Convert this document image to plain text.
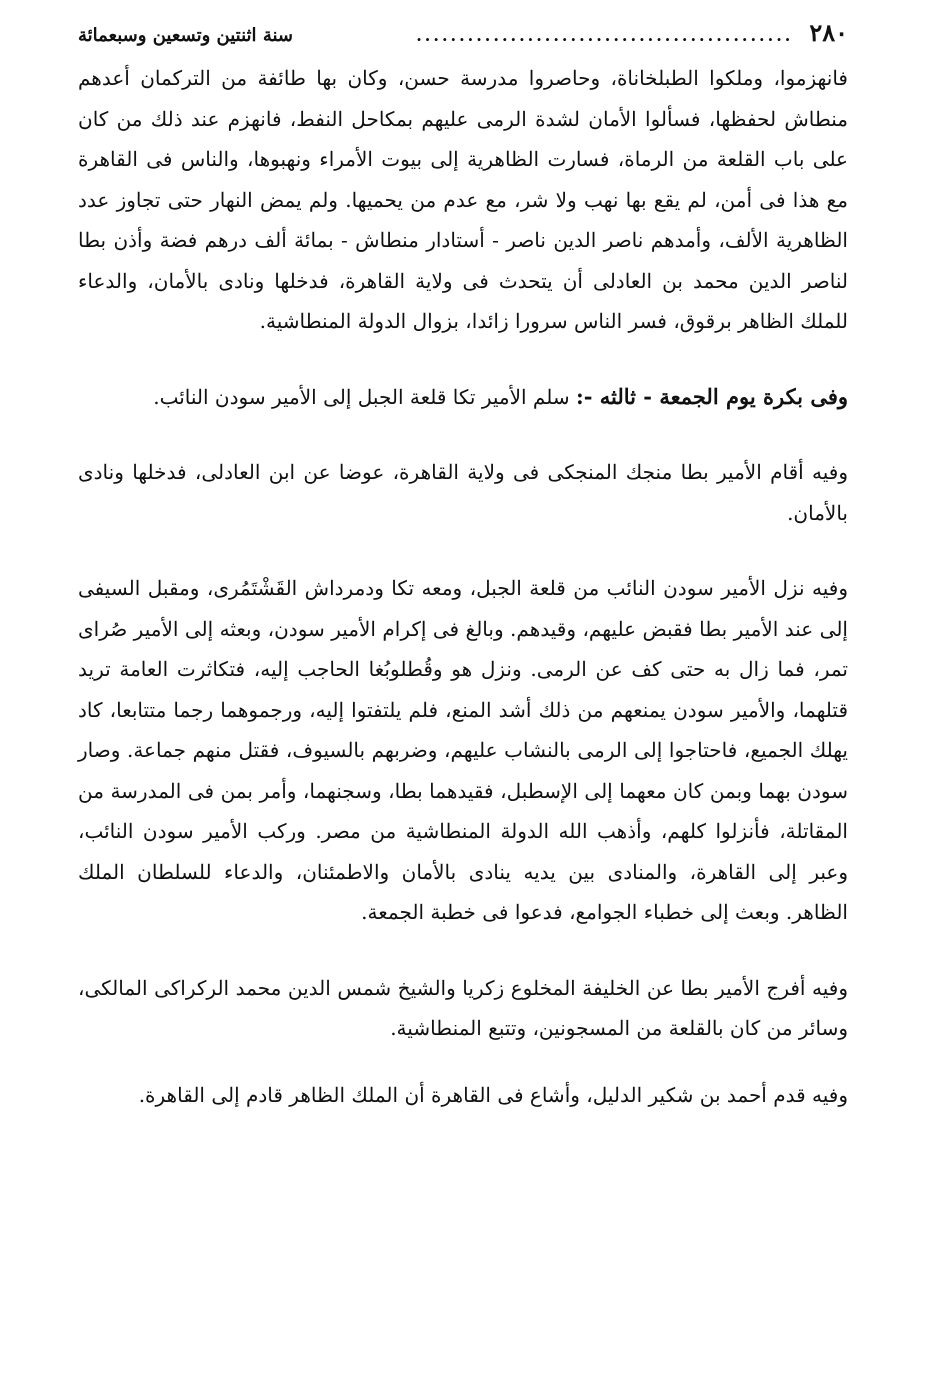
٢٨٠
............................................
سنة اثنتين وتسعين وسبعمائة

فانهزموا، وملكوا الطبلخاناة، وحاصروا مدرسة حسن، وكان بها طائفة من التركمان أعدهم منطاش لحفظها، فسألوا الأمان لشدة الرمى عليهم بمكاحل النفط، فانهزم عند ذلك من كان على باب القلعة من الرماة، فسارت الظاهرية إلى بيوت الأمراء ونهبوها، والناس فى القاهرة مع هذا فى أمن، لم يقع بها نهب ولا شر، مع عدم من يحميها. ولم يمض النهار حتى تجاوز عدد الظاهرية الألف، وأمدهم ناصر الدين ناصر - أستادار منطاش - بمائة ألف درهم فضة وأذن بطا لناصر الدين محمد بن العادلى أن يتحدث فى ولاية القاهرة، فدخلها ونادى بالأمان، والدعاء للملك الظاهر برقوق، فسر الناس سرورا زائدا، بزوال الدولة المنطاشية.

وفى بكرة يوم الجمعة - ثالثه -: سلم الأمير تكا قلعة الجبل إلى الأمير سودن النائب.

وفيه أقام الأمير بطا منجك المنجكى فى ولاية القاهرة، عوضا عن ابن العادلى، فدخلها ونادى بالأمان.

وفيه نزل الأمير سودن النائب من قلعة الجبل، ومعه تكا ودمرداش القَشْتَمُرى، ومقبل السيفى إلى عند الأمير بطا فقبض عليهم، وقيدهم. وبالغ فى إكرام الأمير سودن، وبعثه إلى الأمير صُراى تمر، فما زال به حتى كف عن الرمى. ونزل هو وقُطلوبُغا الحاجب إليه، فتكاثرت العامة تريد قتلهما، والأمير سودن يمنعهم من ذلك أشد المنع، فلم يلتفتوا إليه، ورجموهما رجما متتابعا، كاد يهلك الجميع، فاحتاجوا إلى الرمى بالنشاب عليهم، وضربهم بالسيوف، فقتل منهم جماعة. وصار سودن بهما وبمن كان معهما إلى الإسطبل، فقيدهما بطا، وسجنهما، وأمر بمن فى المدرسة من المقاتلة، فأنزلوا كلهم، وأذهب الله الدولة المنطاشية من مصر. وركب الأمير سودن النائب، وعبر إلى القاهرة، والمنادى بين يديه ينادى بالأمان والاطمئنان، والدعاء للسلطان الملك الظاهر. وبعث إلى خطباء الجوامع، فدعوا فى خطبة الجمعة.

وفيه أفرج الأمير بطا عن الخليفة المخلوع زكريا والشيخ شمس الدين محمد الركراكى المالكى، وسائر من كان بالقلعة من المسجونين، وتتبع المنطاشية.

وفيه قدم أحمد بن شكير الدليل، وأشاع فى القاهرة أن الملك الظاهر قادم إلى القاهرة.
